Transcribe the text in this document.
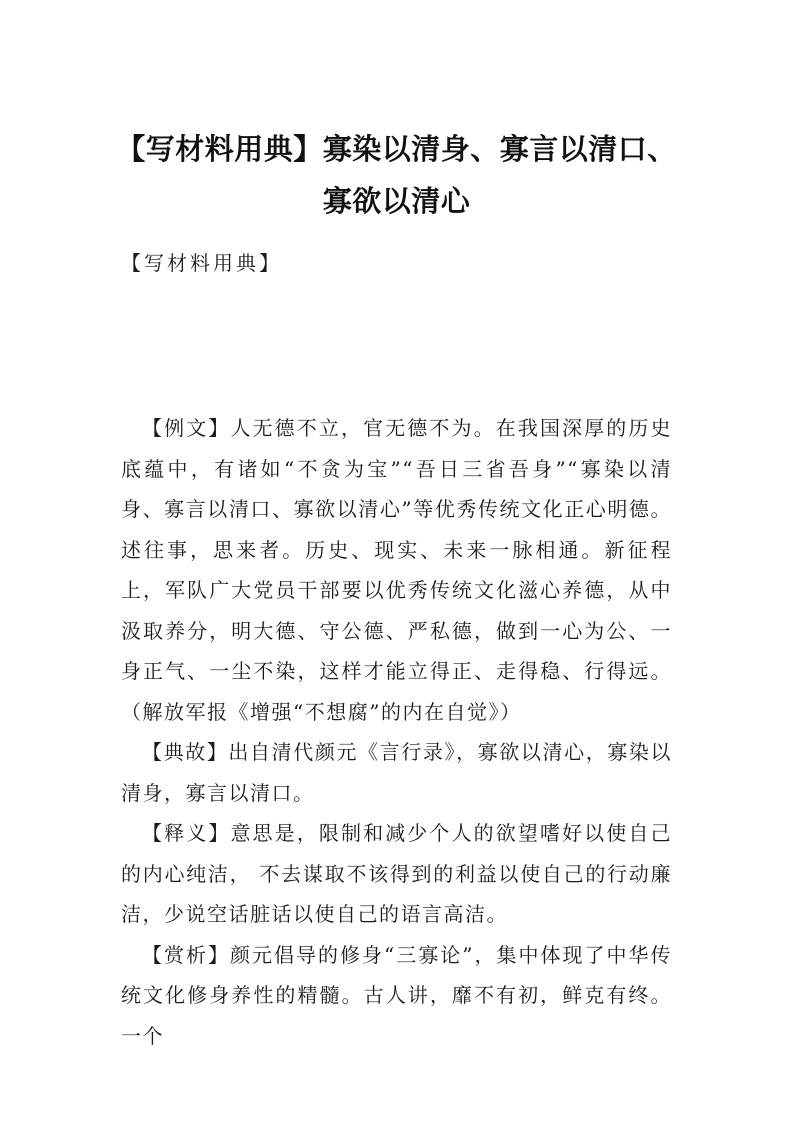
【写材料用典】寡染以清身、寡言以清口、
寡欲以清心
【写材料用典】

【例文】人无德不立，官无德不为。在我国深厚的历史底蕴中，有诸如“不贪为宝”“吾日三省吾身”“寡染以清身、寡言以清口、寡欲以清心”等优秀传统文化正心明德。述往事，思来者。历史、现实、未来一脉相通。新征程上，军队广大党员干部要以优秀传统文化滋心养德，从中汲取养分，明大德、守公德、严私德，做到一心为公、一身正气、一尘不染，这样才能立得正、走得稳、行得远。（解放军报《增强“不想腐”的内在自觉》）

【典故】出自清代颜元《言行录》，寡欲以清心，寡染以清身，寡言以清口。

【释义】意思是，限制和减少个人的欲望嗜好以使自己的内心纯洁， 不去谋取不该得到的利益以使自己的行动廉洁，少说空话脏话以使自己的语言高洁。

【赏析】颜元倡导的修身“三寡论”，集中体现了中华传统文化修身养性的精髓。古人讲，靡不有初，鲜克有终。一个
